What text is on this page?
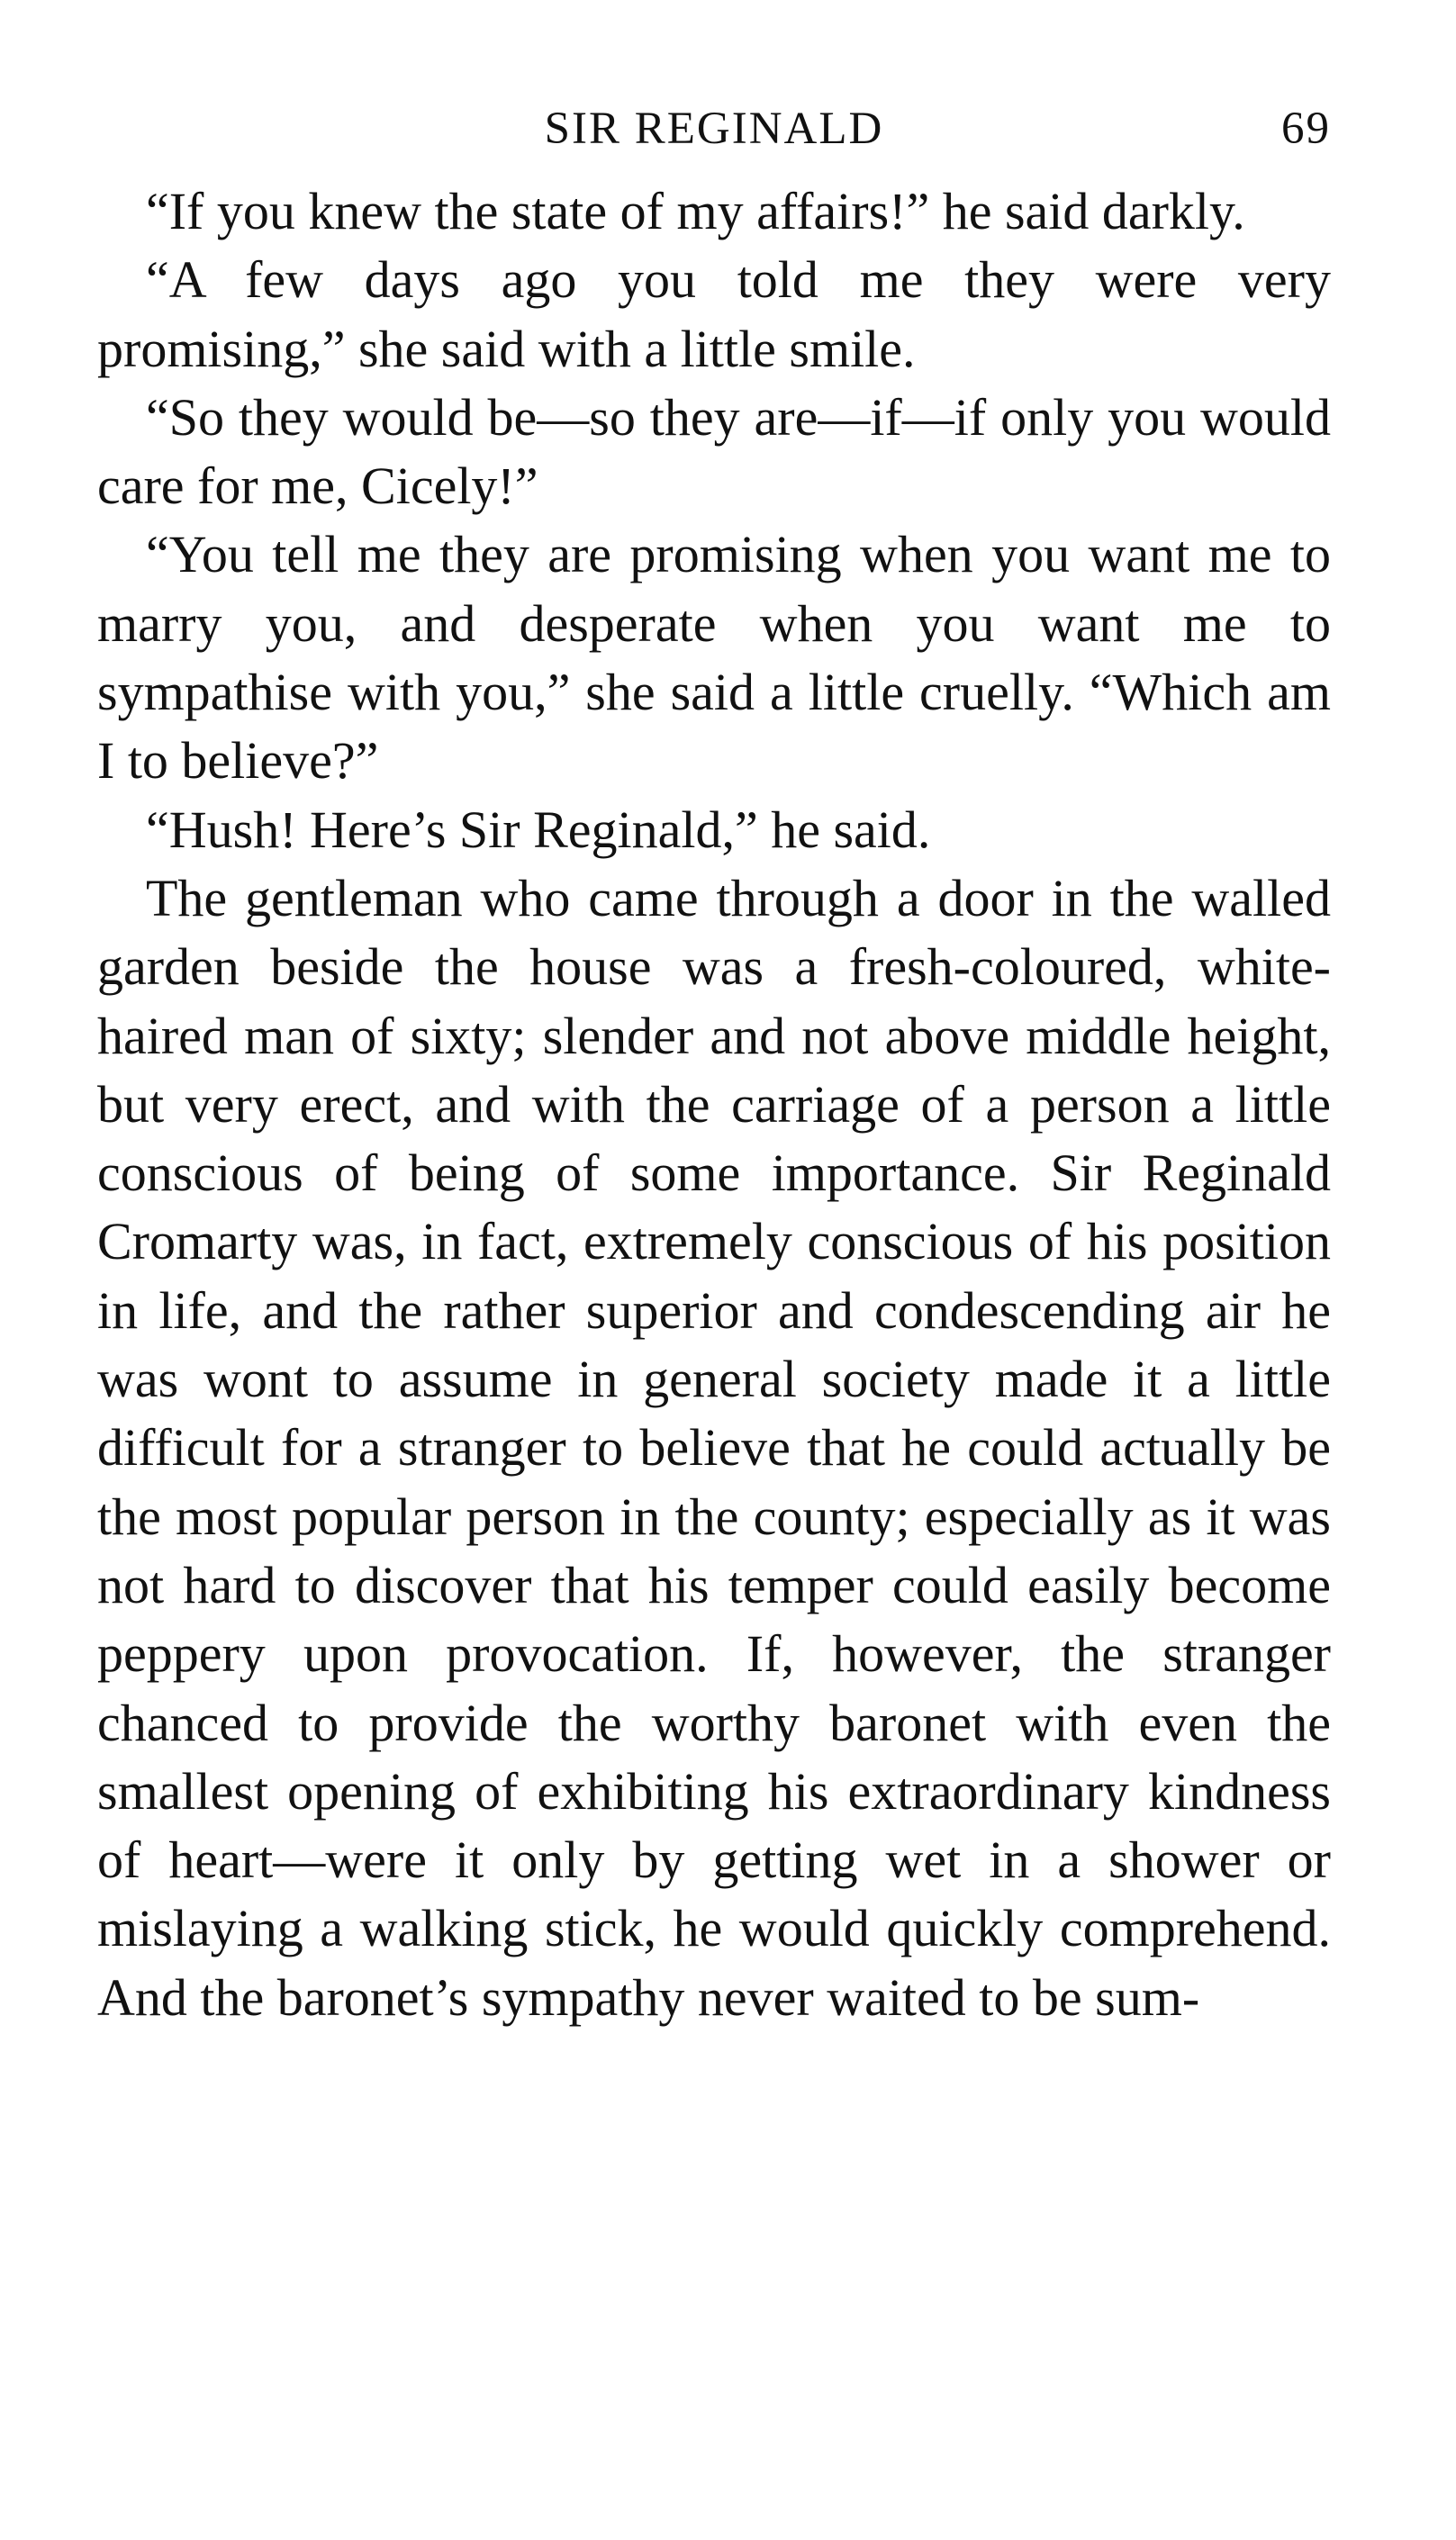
SIR REGINALD	69

“If you knew the state of my affairs!” he said darkly.

“A few days ago you told me they were very promising,” she said with a little smile.

“So they would be—so they are—if—if only you would care for me, Cicely!”

“You tell me they are promising when you want me to marry you, and desperate when you want me to sympathise with you,” she said a little cruelly. “Which am I to believe?”

“Hush! Here’s Sir Reginald,” he said.

The gentleman who came through a door in the walled garden beside the house was a fresh-coloured, white-haired man of sixty; slender and not above middle height, but very erect, and with the carriage of a person a little conscious of being of some importance. Sir Reginald Cromarty was, in fact, extremely conscious of his position in life, and the rather superior and condescending air he was wont to assume in general society made it a little difficult for a stranger to believe that he could actually be the most popular person in the county; especially as it was not hard to discover that his temper could easily become peppery upon provocation. If, however, the stranger chanced to provide the worthy baronet with even the smallest opening of exhibiting his extraordinary kindness of heart—were it only by getting wet in a shower or mislaying a walking stick, he would quickly comprehend. And the baronet’s sympathy never waited to be sum-
